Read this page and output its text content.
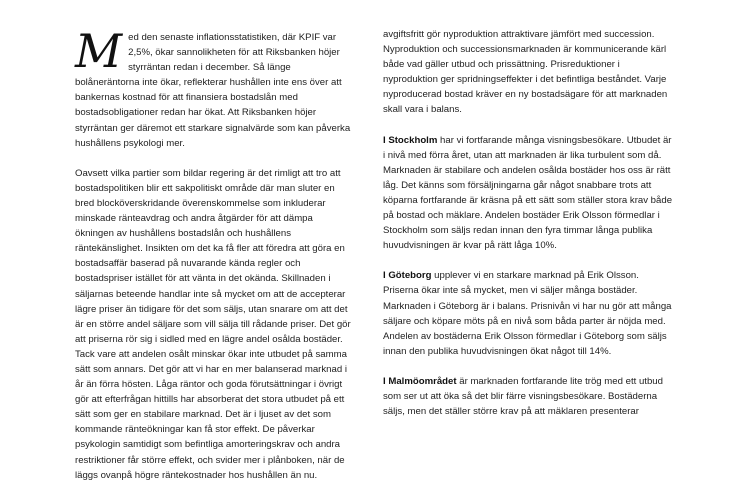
Med den senaste inflationsstatistiken, där KPIF var 2,5%, ökar sannolikheten för att Riksbanken höjer styrräntan redan i december. Så länge bolåneräntorna inte ökar, reflekterar hushållen inte ens över att bankernas kostnad för att finansiera bostadslån med bostadsobligationer redan har ökat. Att Riksbanken höjer styrräntan ger däremot ett starkare signalvärde som kan påverka hushållens psykologi mer.

Oavsett vilka partier som bildar regering är det rimligt att tro att bostadspolitiken blir ett sakpolitiskt område där man sluter en bred blocköverskridande överenskommelse som inkluderar minskade ränteavdrag och andra åtgärder för att dämpa ökningen av hushållens bostadslån och hushållens räntekänslighet. Insikten om det ka få fler att föredra att göra en bostadsaffär baserad på nuvarande kända regler och bostadspriser istället för att vänta in det okända. Skillnaden i säljarnas beteende handlar inte så mycket om att de accepterar lägre priser än tidigare för det som säljs, utan snarare om att det är en större andel säljare som vill sälja till rådande priser. Det gör att priserna rör sig i sidled med en lägre andel osålda bostäder. Tack vare att andelen osålt minskar ökar inte utbudet på samma sätt som annars. Det gör att vi har en mer balanserad marknad i år än förra hösten. Låga räntor och goda förutsättningar i övrigt gör att efterfrågan hittills har absorberat det stora utbudet på ett sätt som ger en stabilare marknad. Det är i ljuset av det som kommande ränteökningar kan få stor effekt. De påverkar psykologin samtidigt som befintliga amorteringskrav och andra restriktioner får större effekt, och svider mer i plånboken, när de läggs ovanpå högre räntekostnader hos hushållen än nu.

avgiftsfritt gör nyproduktion attraktivare jämfört med succession. Nyproduktion och successionsmarknaden är kommunicerande kärl både vad gäller utbud och prissättning. Prisreduktioner i nyproduktion ger spridningseffekter i det befintliga beståndet. Varje nyproducerad bostad kräver en ny bostadsägare för att marknaden skall vara i balans.

I Stockholm har vi fortfarande många visningsbesökare. Utbudet är i nivå med förra året, utan att marknaden är lika turbulent som då. Marknaden är stabilare och andelen osålda bostäder hos oss är rätt låg. Det känns som försäljningarna går något snabbare trots att köparna fortfarande är kräsna på ett sätt som ställer stora krav både på bostad och mäklare. Andelen bostäder Erik Olsson förmedlar i Stockholm som säljs redan innan den fyra timmar långa publika huvudvisningen är kvar på rätt låga 10%.

I Göteborg upplever vi en starkare marknad på Erik Olsson. Priserna ökar inte så mycket, men vi säljer många bostäder. Marknaden i Göteborg är i balans. Prisnivån vi har nu gör att många säljare och köpare möts på en nivå som båda parter är nöjda med. Andelen av bostäderna Erik Olsson förmedlar i Göteborg som säljs innan den publika huvudvisningen ökat något till 14%.

I Malmöområdet är marknaden fortfarande lite trög med ett utbud som ser ut att öka så det blir färre visningsbesökare. Bostäderna säljs, men det ställer större krav på att mäklaren presenterar
